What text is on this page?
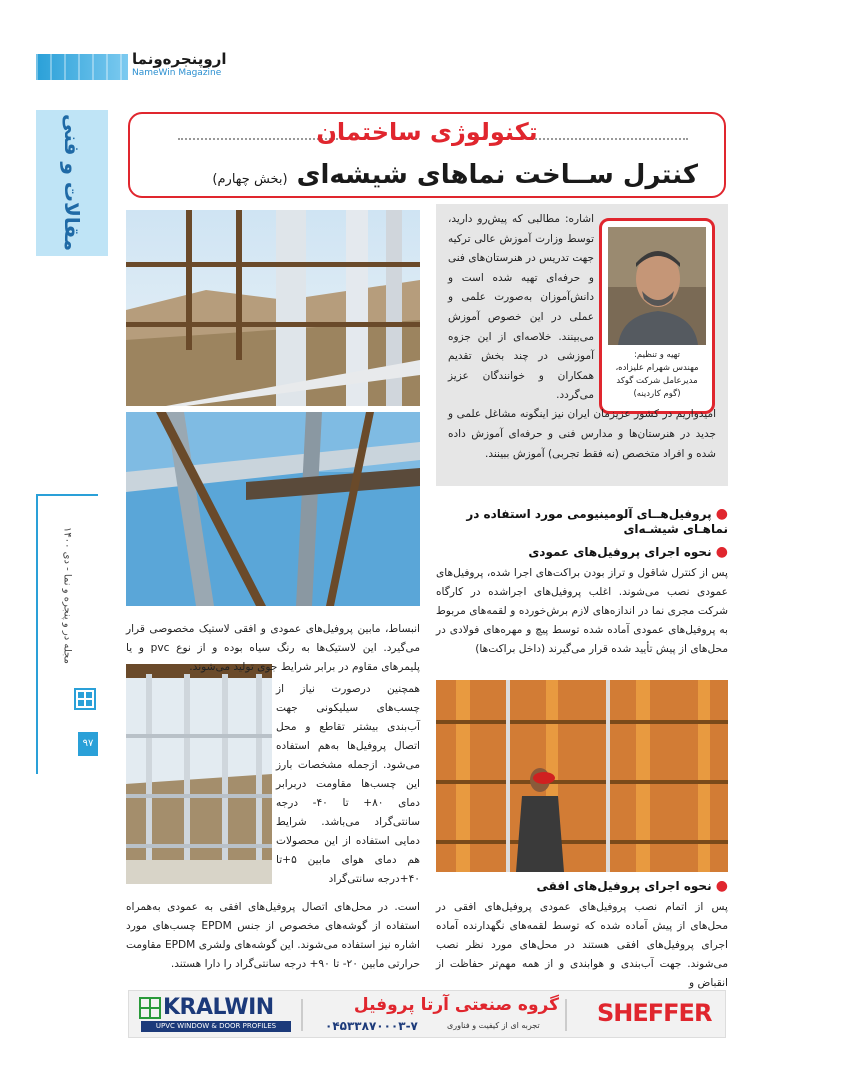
اروپنجره‌ونما
NameWin Magazine
مقالات و فنی
مجله در و پنجره و نما - دی ۱۴۰۰
۹۷
تکنولوژی ساختمان
کنترل ســاخت نماهای شیشه‌ای (بخش چهارم)
تهیه و تنظیم:
مهندس شهرام علیزاده،
مدیرعامل شرکت گوکد
(گوم کاردینه)
اشاره: مطالبی که پیش‌رو دارید، توسط وزارت آموزش عالی ترکیه جهت تدریس در هنرستان‌های فنی و حرفه‌ای تهیه شده است و دانش‌آموزان به‌صورت علمی و عملی در این خصوص آموزش می‌بینند. خلاصه‌ای از این جزوه آموزشی در چند بخش تقدیم همکاران و خوانندگان عزیز می‌گردد.
امیدواریم در کشور عزیزمان ایران نیز اینگونه مشاغل علمی و جدید در هنرستان‌ها و مدارس فنی و حرفه‌ای آموزش داده شده و افراد متخصص (نه فقط تجربی) آموزش ببینند.
● پروفیل‌هــای آلومینیومی مورد استفاده در نماهـای شیشـه‌ای
● نحوه اجرای پروفیل‌های عمودی
پس از کنترل شاقول و تراز بودن براکت‌های اجرا شده، پروفیل‌های عمودی نصب می‌شوند. اغلب پروفیل‌های اجراشده در کارگاه شرکت مجری نما در اندازه‌های لازم برش‌خورده و لقمه‌های مربوط به پروفیل‌های عمودی آماده شده توسط پیچ و مهره‌های فولادی در محل‌های از پیش تأیید شده قرار می‌گیرند (داخل براکت‌ها)
● نحوه اجرای پروفیل‌های افقی
پس از اتمام نصب پروفیل‌های عمودی پروفیل‌های افقی در محل‌های از پیش آماده شده که توسط لقمه‌های نگهدارنده آماده اجرای پروفیل‌های افقی هستند در محل‌های مورد نظر نصب می‌شوند. جهت آب‌بندی و هوابندی و از همه مهم‌تر حفاظت از انقباض و
انبساط، مابین پروفیل‌های عمودی و افقی لاستیک مخصوصی قرار می‌گیرد. این لاستیک‌ها به رنگ سیاه بوده و از نوع pvc و یا پلیمرهای مقاوم در برابر شرایط جوی تولید می‌شوند.
همچنین درصورت نیاز از چسب‌های سیلیکونی جهت آب‌بندی بیشتر تقاطع و محل اتصال پروفیل‌ها به‌هم استفاده می‌شود. ازجمله مشخصات بارز این چسب‌ها مقاومت دربرابر دمای ۸۰+ تا ۴۰- درجه سانتی‌گراد می‌باشد. شرایط دمایی استفاده از این محصولات هم دمای هوای مابین ۵+تا ۴۰+درجه سانتی‌گراد
است. در محل‌های اتصال پروفیل‌های افقی به عمودی به‌همراه استفاده از گوشه‌های مخصوص از جنس EPDM چسب‌های مورد اشاره نیز استفاده می‌شوند. این گوشه‌های ولشری EPDM مقاومت حرارتی مابین ۲۰- تا ۹۰+ درجه سانتی‌گراد را دارا هستند.
KRALWIN
UPVC WINDOW & DOOR PROFILES
گروه صنعتی آرتا پروفیل
۰۴۵۳۳۸۷۰۰۰۳-۷	تجربه ای از کیفیت و فناوری SHEFFER
